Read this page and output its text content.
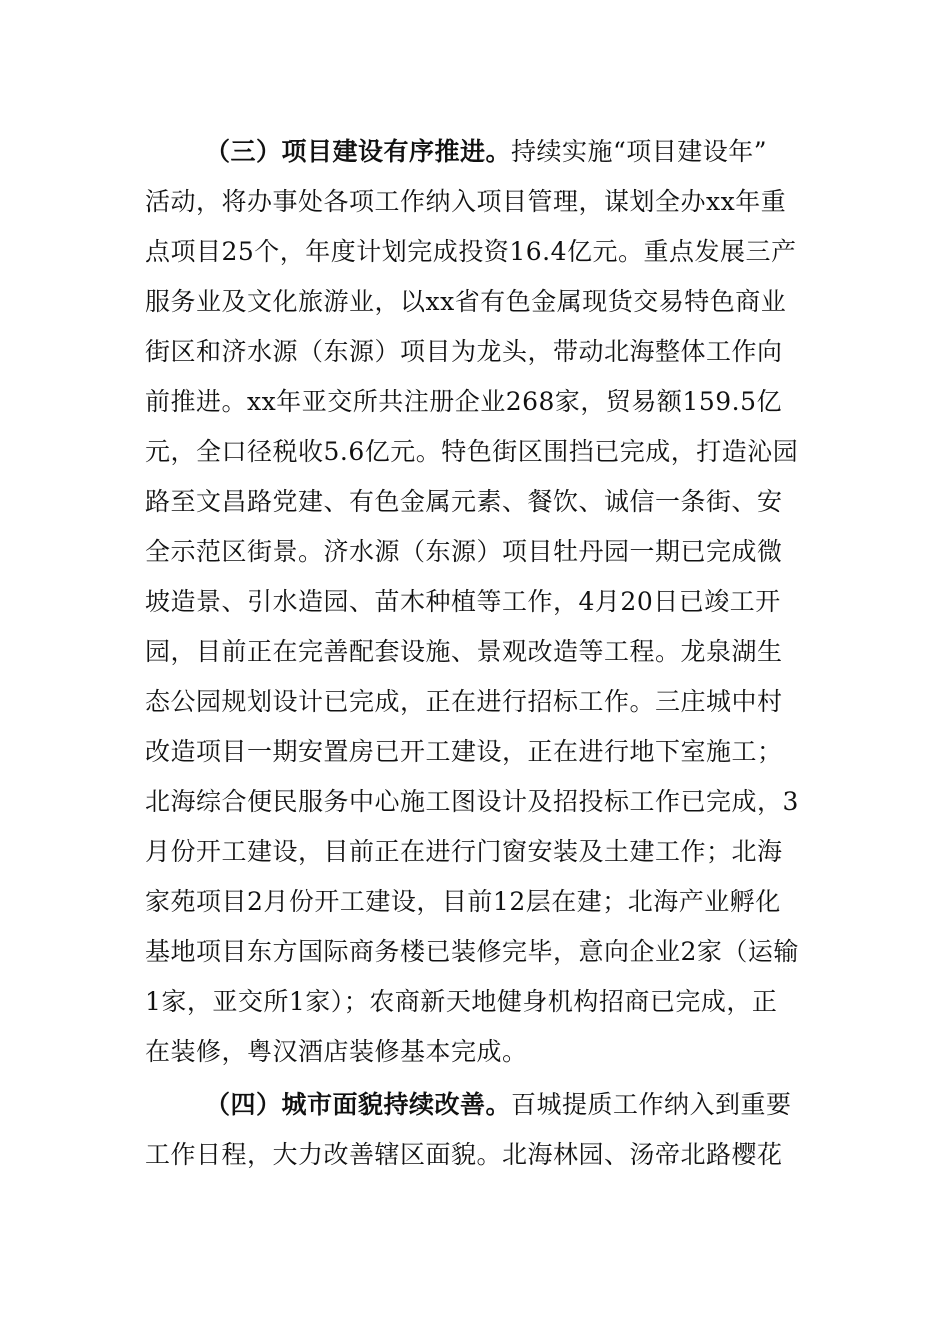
（三）项目建设有序推进。持续实施“项目建设年”
活动，将办事处各项工作纳入项目管理，谋划全办xx年重
点项目25个，年度计划完成投资16.4亿元。重点发展三产
服务业及文化旅游业，以xx省有色金属现货交易特色商业
街区和济水源（东源）项目为龙头，带动北海整体工作向
前推进。xx年亚交所共注册企业268家，贸易额159.5亿
元，全口径税收5.6亿元。特色街区围挡已完成，打造沁园
路至文昌路党建、有色金属元素、餐饮、诚信一条街、安
全示范区街景。济水源（东源）项目牡丹园一期已完成微
坡造景、引水造园、苗木种植等工作，4月20日已竣工开
园，目前正在完善配套设施、景观改造等工程。龙泉湖生
态公园规划设计已完成，正在进行招标工作。三庄城中村
改造项目一期安置房已开工建设，正在进行地下室施工；
北海综合便民服务中心施工图设计及招投标工作已完成，3
月份开工建设，目前正在进行门窗安装及土建工作；北海
家苑项目2月份开工建设，目前12层在建；北海产业孵化
基地项目东方国际商务楼已装修完毕，意向企业2家（运输
1家，亚交所1家）；农商新天地健身机构招商已完成，正
在装修，粤汉酒店装修基本完成。
（四）城市面貌持续改善。百城提质工作纳入到重要
工作日程，大力改善辖区面貌。北海林园、汤帝北路樱花
